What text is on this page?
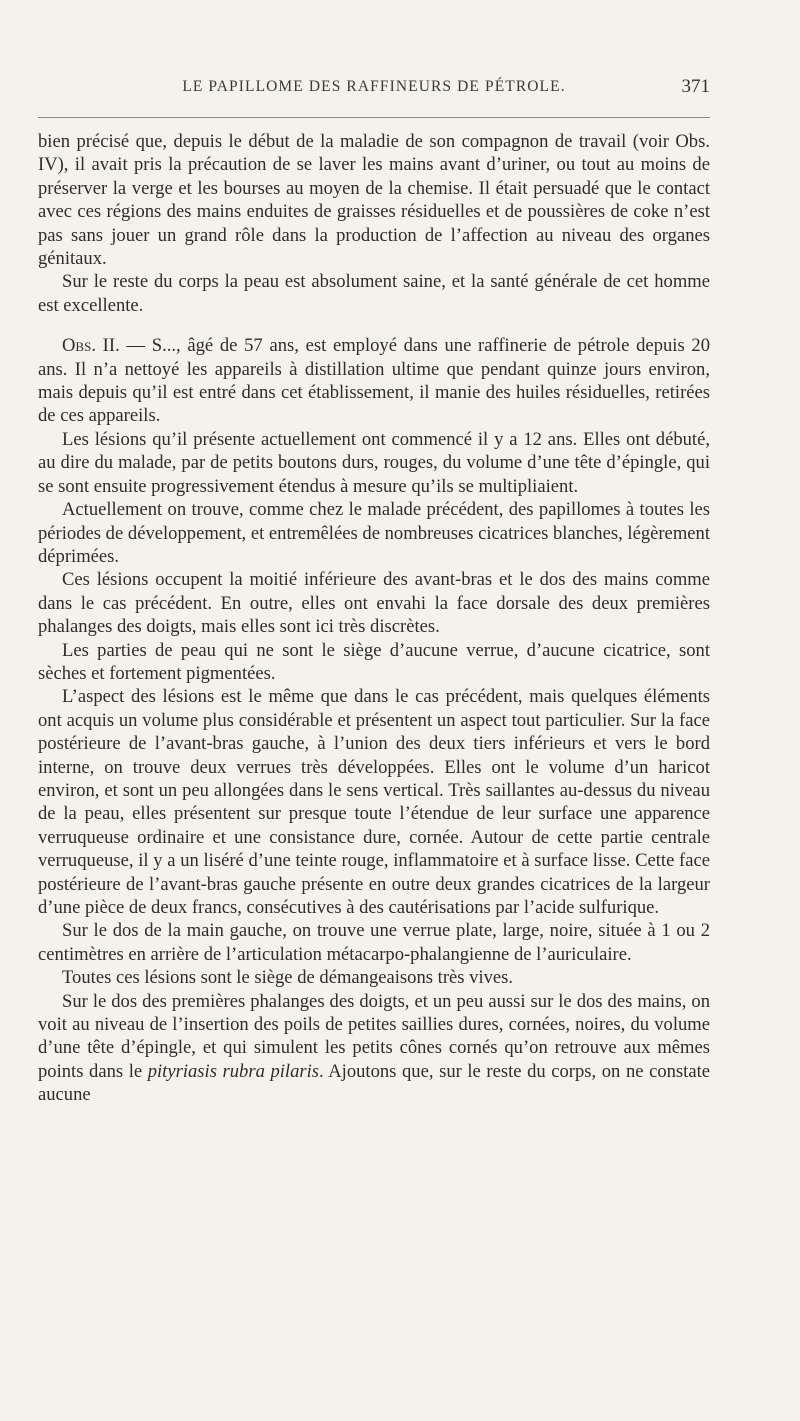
LE PAPILLOME DES RAFFINEURS DE PÉTROLE.	371

bien précisé que, depuis le début de la maladie de son compagnon de travail (voir Obs. IV), il avait pris la précaution de se laver les mains avant d’uriner, ou tout au moins de préserver la verge et les bourses au moyen de la chemise. Il était persuadé que le contact avec ces régions des mains enduites de graisses résiduelles et de poussières de coke n’est pas sans jouer un grand rôle dans la production de l’affection au niveau des organes génitaux.

Sur le reste du corps la peau est absolument saine, et la santé générale de cet homme est excellente.

Obs. II. — S..., âgé de 57 ans, est employé dans une raffinerie de pétrole depuis 20 ans. Il n’a nettoyé les appareils à distillation ultime que pendant quinze jours environ, mais depuis qu’il est entré dans cet établissement, il manie des huiles résiduelles, retirées de ces appareils.

Les lésions qu’il présente actuellement ont commencé il y a 12 ans. Elles ont débuté, au dire du malade, par de petits boutons durs, rouges, du volume d’une tête d’épingle, qui se sont ensuite progressivement étendus à mesure qu’ils se multipliaient.

Actuellement on trouve, comme chez le malade précédent, des papillomes à toutes les périodes de développement, et entremêlées de nombreuses cicatrices blanches, légèrement déprimées.

Ces lésions occupent la moitié inférieure des avant-bras et le dos des mains comme dans le cas précédent. En outre, elles ont envahi la face dorsale des deux premières phalanges des doigts, mais elles sont ici très discrètes.

Les parties de peau qui ne sont le siège d’aucune verrue, d’aucune cicatrice, sont sèches et fortement pigmentées.

L’aspect des lésions est le même que dans le cas précédent, mais quelques éléments ont acquis un volume plus considérable et présentent un aspect tout particulier. Sur la face postérieure de l’avant-bras gauche, à l’union des deux tiers inférieurs et vers le bord interne, on trouve deux verrues très développées. Elles ont le volume d’un haricot environ, et sont un peu allongées dans le sens vertical. Très saillantes au-dessus du niveau de la peau, elles présentent sur presque toute l’étendue de leur surface une apparence verruqueuse ordinaire et une consistance dure, cornée. Autour de cette partie centrale verruqueuse, il y a un liséré d’une teinte rouge, inflammatoire et à surface lisse. Cette face postérieure de l’avant-bras gauche présente en outre deux grandes cicatrices de la largeur d’une pièce de deux francs, consécutives à des cautérisations par l’acide sulfurique.

Sur le dos de la main gauche, on trouve une verrue plate, large, noire, située à 1 ou 2 centimètres en arrière de l’articulation métacarpo-phalangienne de l’auriculaire.

Toutes ces lésions sont le siège de démangeaisons très vives.

Sur le dos des premières phalanges des doigts, et un peu aussi sur le dos des mains, on voit au niveau de l’insertion des poils de petites saillies dures, cornées, noires, du volume d’une tête d’épingle, et qui simulent les petits cônes cornés qu’on retrouve aux mêmes points dans le pityriasis rubra pilaris. Ajoutons que, sur le reste du corps, on ne constate aucune
